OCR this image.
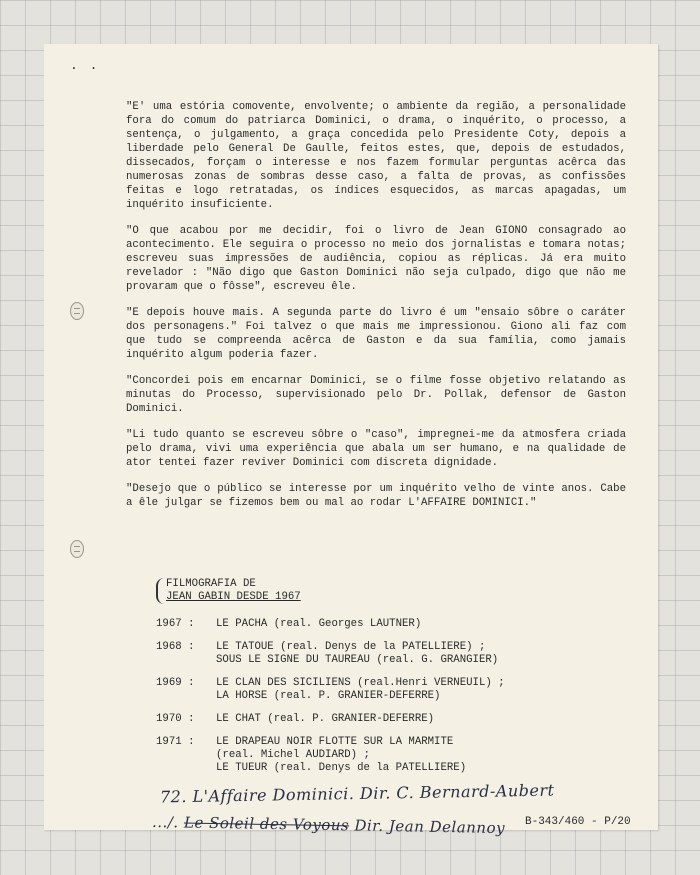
. .

"E' uma estória comovente, envolvente; o ambiente da região, a personalidade fora do comum do patriarca Dominici, o drama, o inquérito, o processo, a sentença, o julgamento, a graça concedida pelo Presidente Coty, depois a liberdade pelo General De Gaulle, feitos estes, que, depois de estudados, dissecados, forçam o interesse e nos fazem formular perguntas acêrca das numerosas zonas de sombras desse caso, a falta de provas, as confissões feitas e logo retratadas, os índices esquecidos, as marcas apagadas, um inquérito insuficiente.

"O que acabou por me decidir, foi o livro de Jean GIONO consagrado ao acontecimento. Ele seguira o processo no meio dos jornalistas e tomara notas; escreveu suas impressões de audiência, copiou as réplicas. Já era muito revelador : "Não digo que Gaston Dominici não seja culpado, digo que não me provaram que o fôsse", escreveu êle.

"E depois houve mais. A segunda parte do livro é um "ensaio sôbre o caráter dos personagens." Foi talvez o que mais me impressionou. Giono ali faz com que tudo se compreenda acêrca de Gaston e da sua família, como jamais inquérito algum poderia fazer.

"Concordei pois em encarnar Dominici, se o filme fosse objetivo relatando as minutas do Processo, supervisionado pelo Dr. Pollak, defensor de Gaston Dominici.

"Li tudo quanto se escreveu sôbre o "caso", impregnei-me da atmosfera criada pelo drama, vivi uma experiência que abala um ser humano, e na qualidade de ator tentei fazer reviver Dominici com discreta dignidade.

"Desejo que o público se interesse por um inquérito velho de vinte anos. Cabe a êle julgar se fizemos bem ou mal ao rodar L'AFFAIRE DOMINICI."

FILMOGRAFIA DE
JEAN GABIN DESDE 1967
1967 :	LE PACHA (real. Georges LAUTNER)
1968 :	LE TATOUE (real. Denys de la PATELLIERE) ;
SOUS LE SIGNE DU TAUREAU (real. G. GRANGIER)
1969 :	LE CLAN DES SICILIENS (real.Henri VERNEUIL) ;
LA HORSE (real. P. GRANIER-DEFERRE)
1970 :	LE CHAT (real. P. GRANIER-DEFERRE)
1971 :	LE DRAPEAU NOIR FLOTTE SUR LA MARMITE
(real. Michel AUDIARD) ;
LE TUEUR (real. Denys de la PATELLIERE)
72. L'Affaire Dominici. Dir. C. Bernard-Aubert
.../. Le Soleil des Voyous Dir. Jean Delannoy B-343/460 - P/20
